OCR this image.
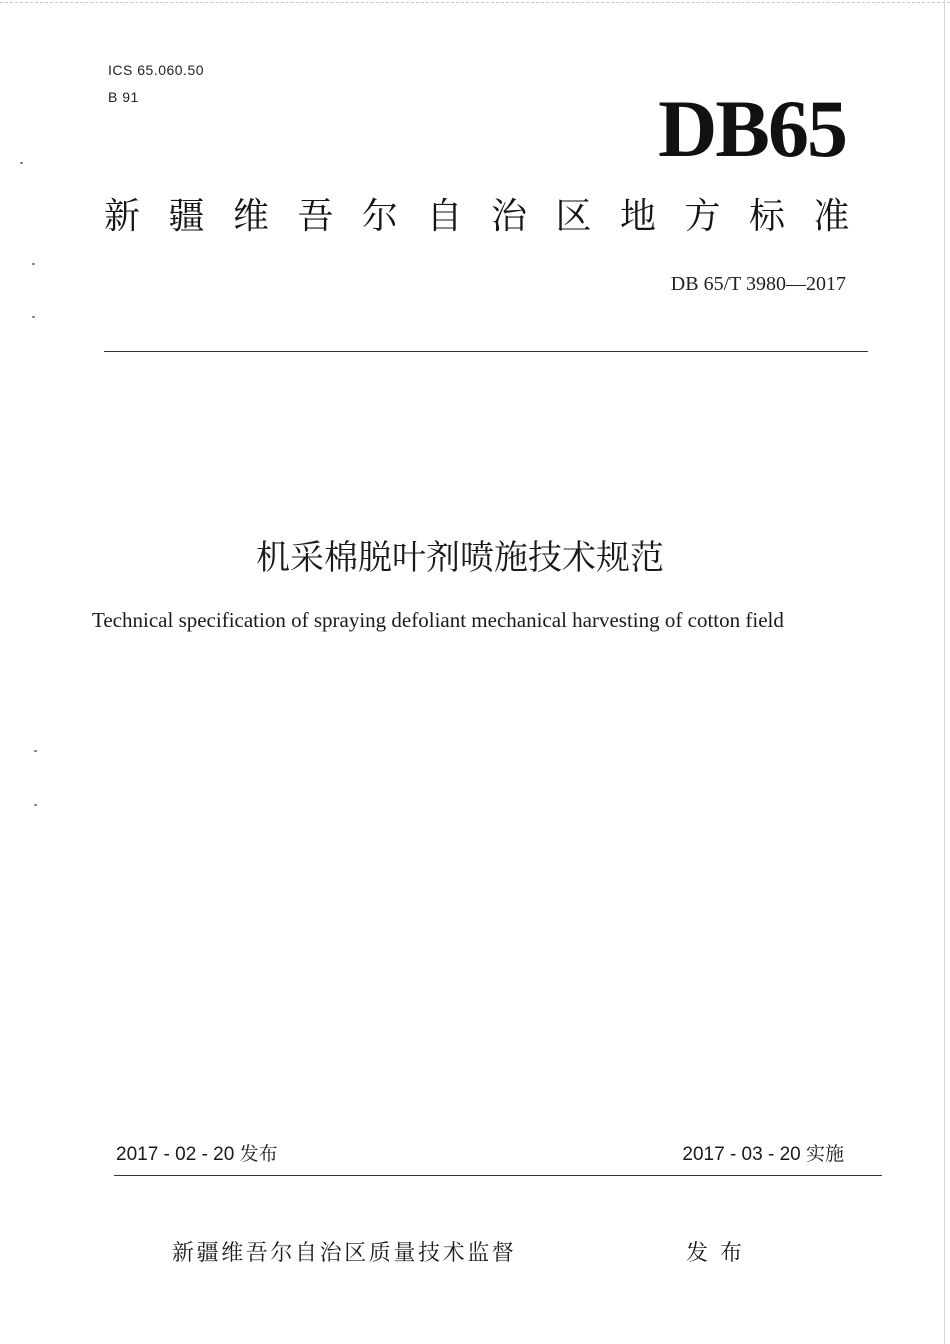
ICS 65.060.50
B 91	DB65
新疆维吾尔自治区地方标准
DB 65/T 3980—2017
机采棉脱叶剂喷施技术规范
Technical specification of spraying defoliant mechanical harvesting of cotton field
2017 - 02 - 20 发布	2017 - 03 - 20 实施
新疆维吾尔自治区质量技术监督	发布
